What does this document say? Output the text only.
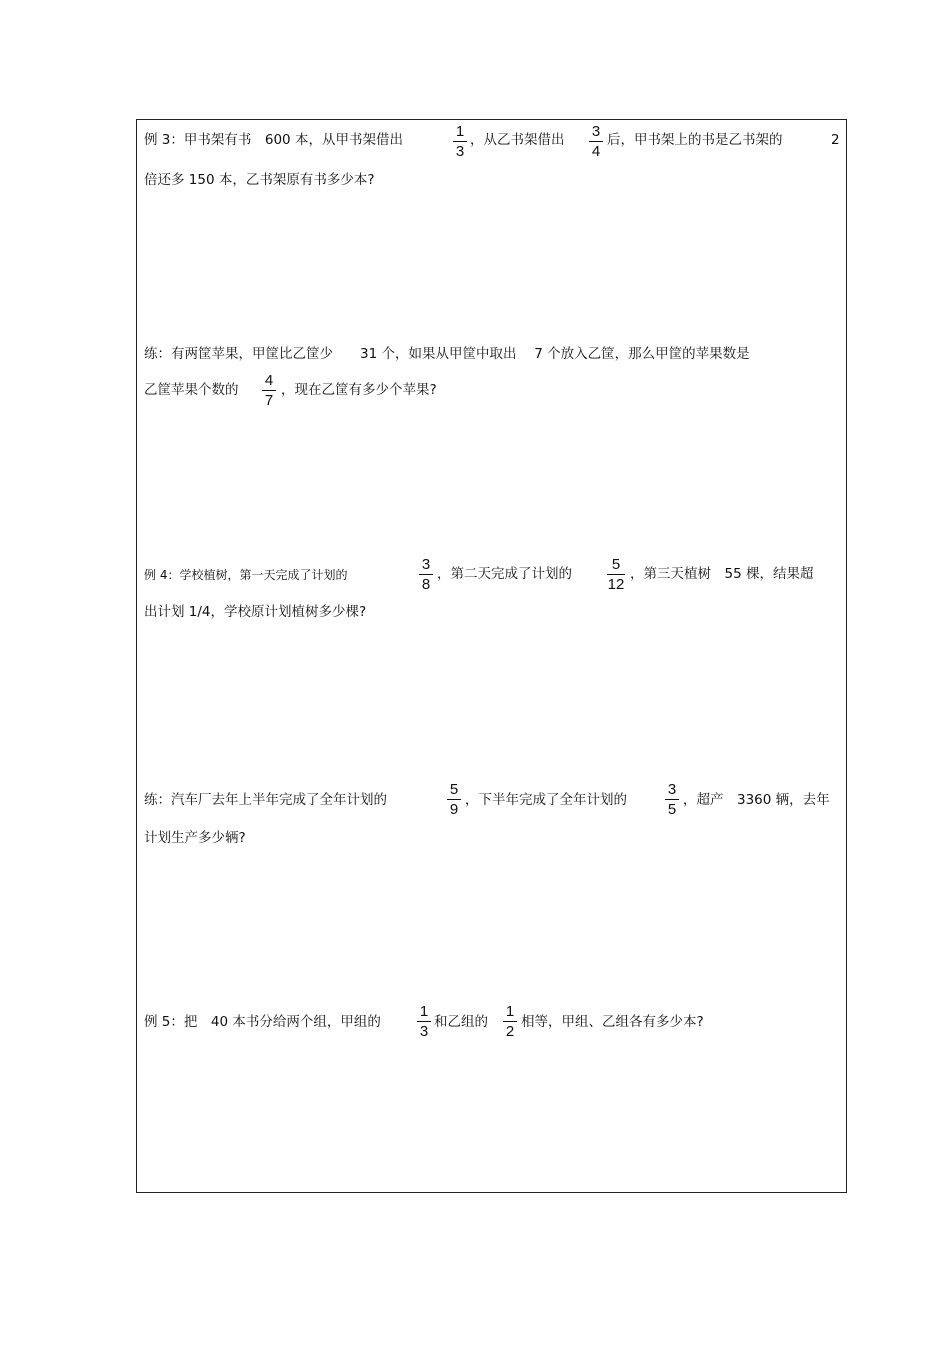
例 3：甲书架有书　600 本，从甲书架借出	1
3
，从乙书架借出	3
4
后，甲书架上的书是乙书架的	2
倍还多 150 本，乙书架原有书多少本?
练：有两筐苹果，甲筐比乙筐少　　31 个，如果从甲筐中取出　 7 个放入乙筐，那么甲筐的苹果数是
乙筐苹果个数的
4
7
，现在乙筐有多少个苹果?
例 4：学校植树，第一天完成了计划的
3
8
，第二天完成了计划的
5
12
，第三天植树　55 棵，结果超
出计划 1/4，学校原计划植树多少棵?
练：汽车厂去年上半年完成了全年计划的
5
9
，下半年完成了全年计划的
3
5
，超产　3360 辆，去年
计划生产多少辆?
例 5：把　40 本书分给两个组，甲组的
1
3
和乙组的
1
2
相等，甲组、乙组各有多少本?
